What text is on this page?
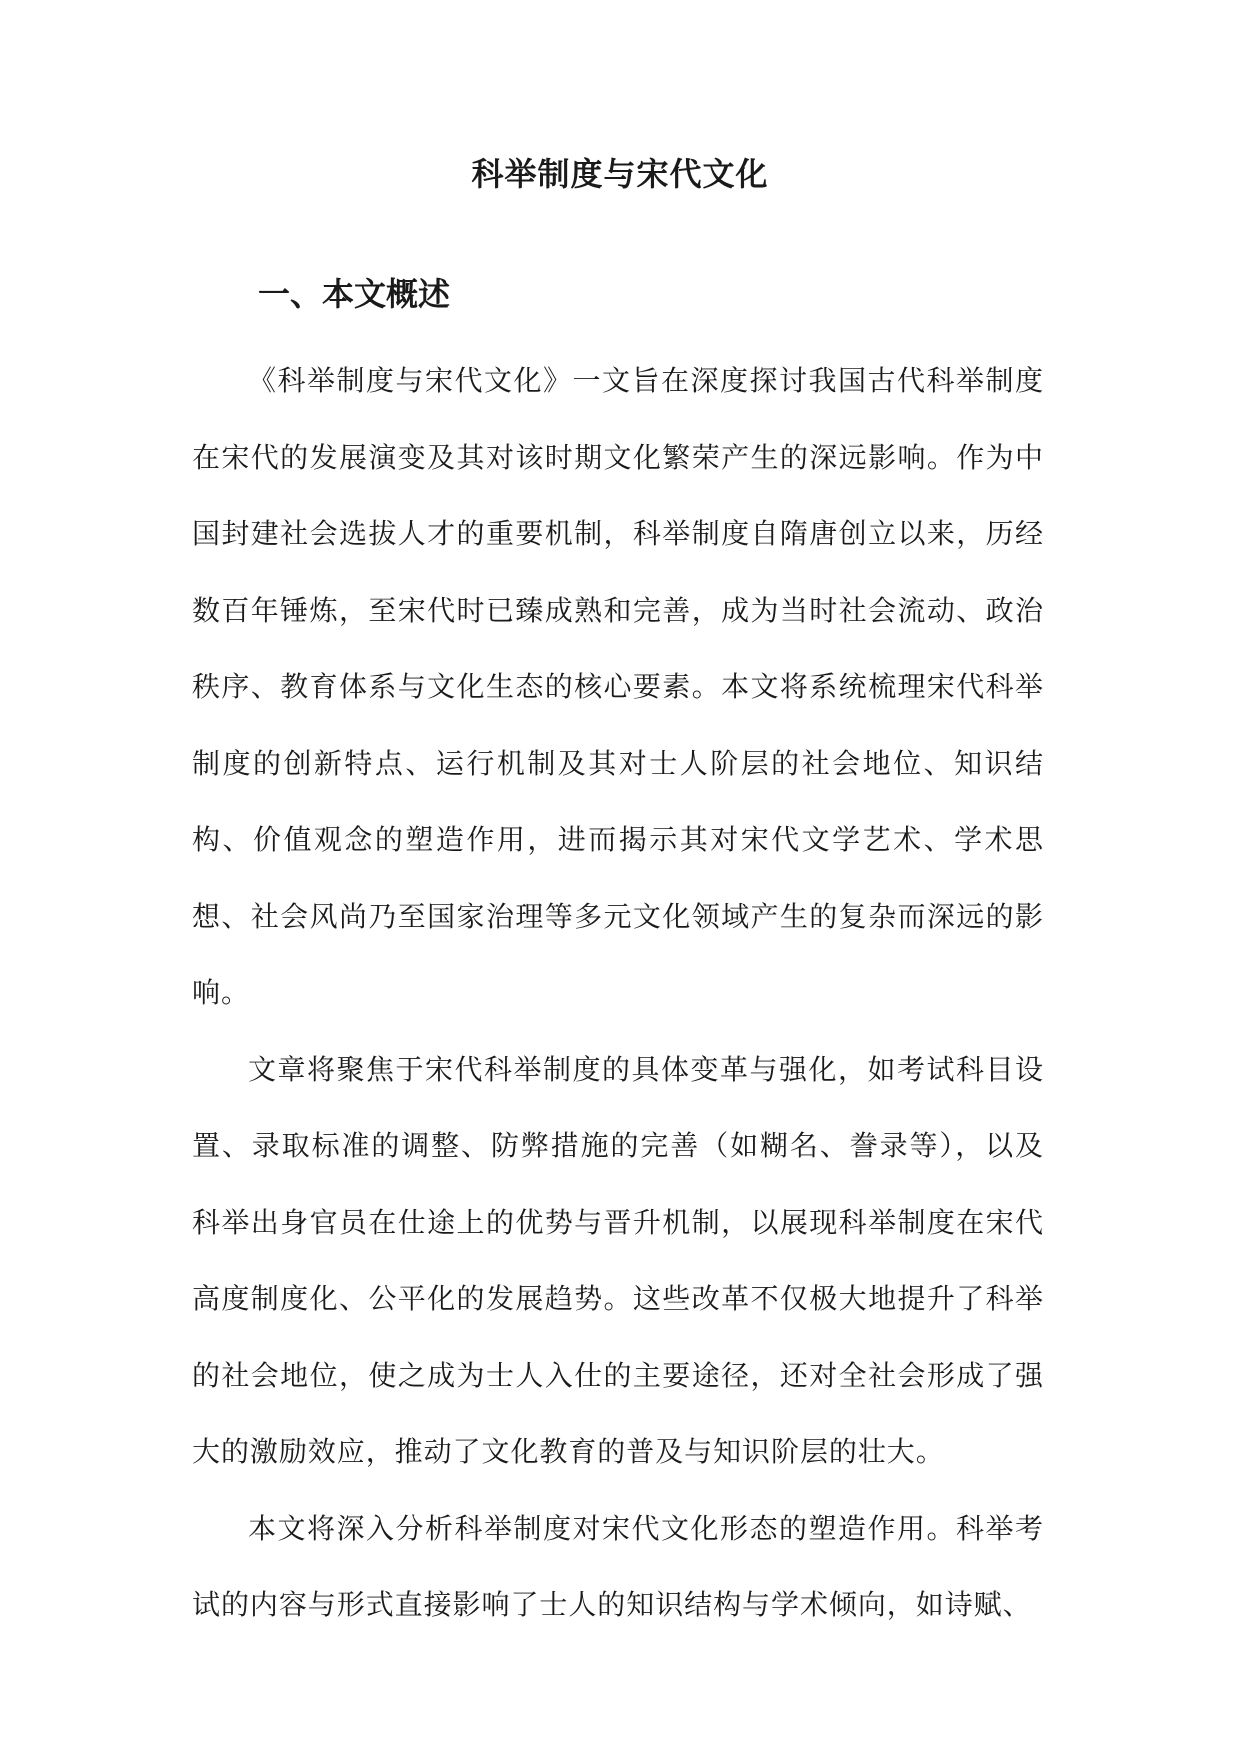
科举制度与宋代文化
一、本文概述

《科举制度与宋代文化》一文旨在深度探讨我国古代科举制度在宋代的发展演变及其对该时期文化繁荣产生的深远影响。作为中国封建社会选拔人才的重要机制，科举制度自隋唐创立以来，历经数百年锤炼，至宋代时已臻成熟和完善，成为当时社会流动、政治秩序、教育体系与文化生态的核心要素。本文将系统梳理宋代科举制度的创新特点、运行机制及其对士人阶层的社会地位、知识结构、价值观念的塑造作用，进而揭示其对宋代文学艺术、学术思想、社会风尚乃至国家治理等多元文化领域产生的复杂而深远的影响。

文章将聚焦于宋代科举制度的具体变革与强化，如考试科目设置、录取标准的调整、防弊措施的完善（如糊名、誊录等），以及科举出身官员在仕途上的优势与晋升机制，以展现科举制度在宋代高度制度化、公平化的发展趋势。这些改革不仅极大地提升了科举的社会地位，使之成为士人入仕的主要途径，还对全社会形成了强大的激励效应，推动了文化教育的普及与知识阶层的壮大。

本文将深入分析科举制度对宋代文化形态的塑造作用。科举考试的内容与形式直接影响了士人的知识结构与学术倾向，如诗赋、
